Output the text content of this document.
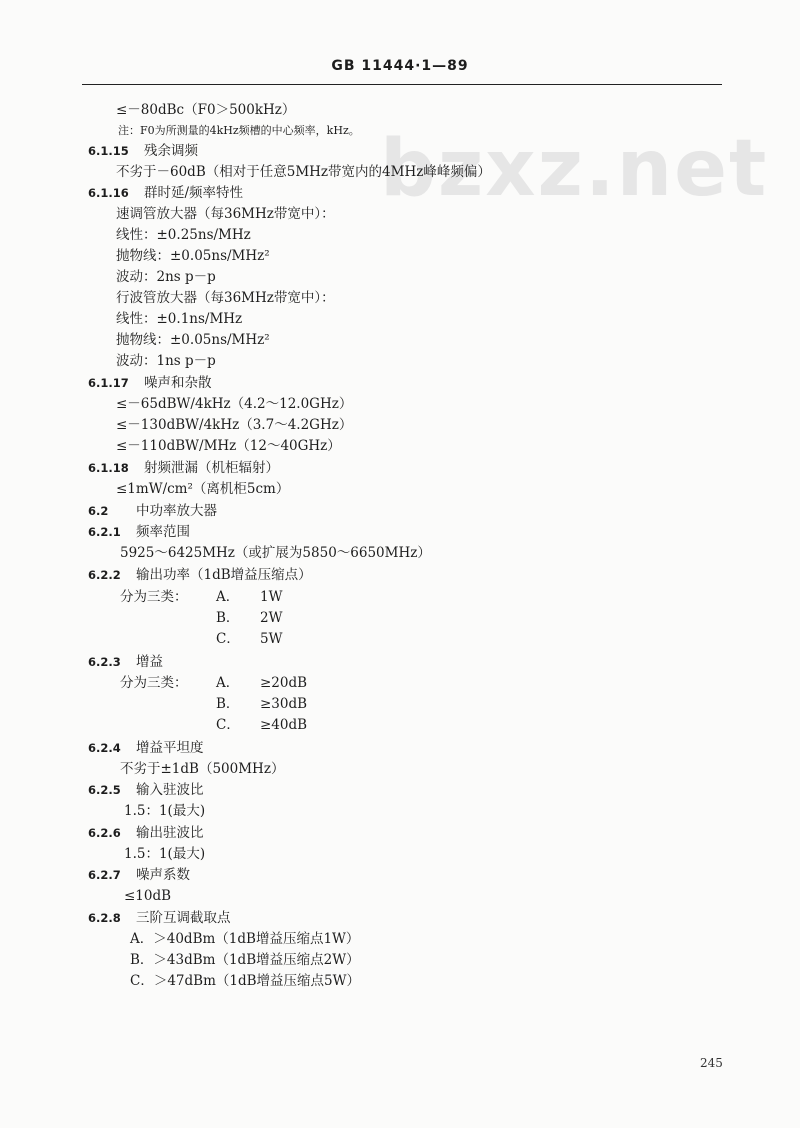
GB 11444·1—89
bzxz.net
≤－80dBc（F0＞500kHz）
注：F0为所测量的4kHz频槽的中心频率，kHz。
6.1.15 残余调频
不劣于－60dB（相对于任意5MHz带宽内的4MHz峰峰频偏）
6.1.16 群时延/频率特性
速调管放大器（每36MHz带宽中）：
线性：±0.25ns/MHz
抛物线：±0.05ns/MHz²
波动：2ns p－p
行波管放大器（每36MHz带宽中）：
线性：±0.1ns/MHz
抛物线：±0.05ns/MHz²
波动：1ns p－p
6.1.17 噪声和杂散
≤－65dBW/4kHz（4.2～12.0GHz）
≤－130dBW/4kHz（3.7～4.2GHz）
≤－110dBW/MHz（12～40GHz）
6.1.18 射频泄漏（机柜辐射）
≤1mW/cm²（离机柜5cm）
6.2 中功率放大器
6.2.1 频率范围
5925～6425MHz（或扩展为5850～6650MHz）
6.2.2 输出功率（1dB增益压缩点）
分为三类： A． 1W
B． 2W
C． 5W
6.2.3 增益
分为三类： A． ≥20dB
B． ≥30dB
C． ≥40dB
6.2.4 增益平坦度
不劣于±1dB（500MHz）
6.2.5 输入驻波比
1.5：1(最大)
6.2.6 输出驻波比
1.5：1(最大)
6.2.7 噪声系数
≤10dB
6.2.8 三阶互调截取点
A．＞40dBm（1dB增益压缩点1W）
B．＞43dBm（1dB增益压缩点2W）
C．＞47dBm（1dB增益压缩点5W）
245
